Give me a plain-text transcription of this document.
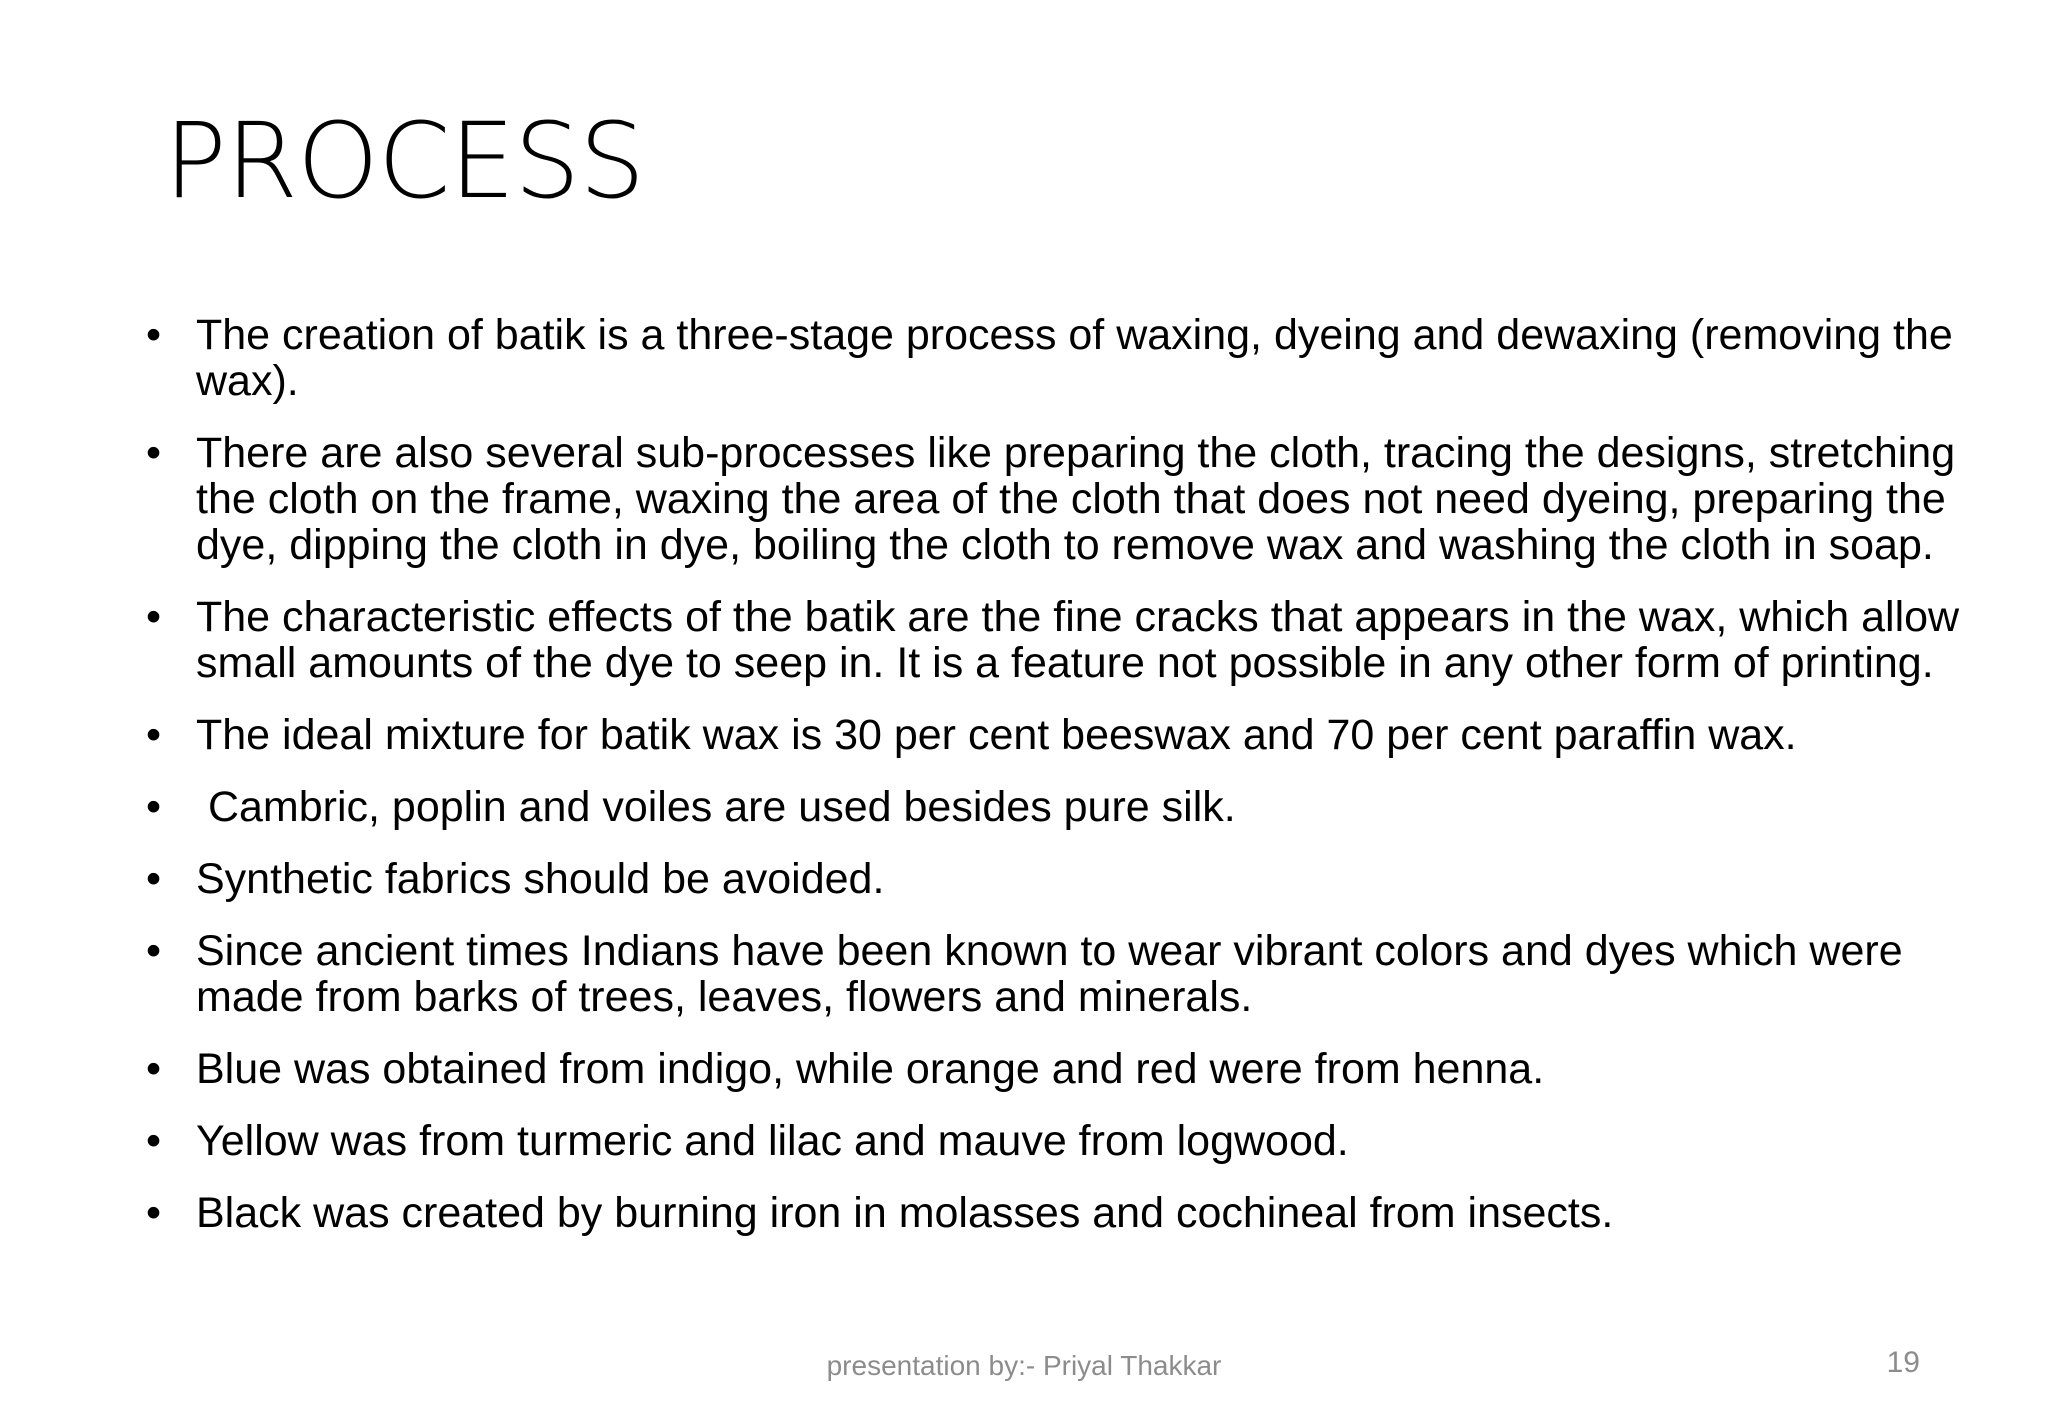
PROCESS
• The creation of batik is a three-stage process of waxing, dyeing and dewaxing (removing the wax).
• There are also several sub-processes like preparing the cloth, tracing the designs, stretching the cloth on the frame, waxing the area of the cloth that does not need dyeing, preparing the dye, dipping the cloth in dye, boiling the cloth to remove wax and washing the cloth in soap.
• The characteristic effects of the batik are the fine cracks that appears in the wax, which allow small amounts of the dye to seep in. It is a feature not possible in any other form of printing.
• The ideal mixture for batik wax is 30 per cent beeswax and 70 per cent paraffin wax.
• Cambric, poplin and voiles are used besides pure silk.
• Synthetic fabrics should be avoided.
• Since ancient times Indians have been known to wear vibrant colors and dyes which were made from barks of trees, leaves, flowers and minerals.
• Blue was obtained from indigo, while orange and red were from henna.
• Yellow was from turmeric and lilac and mauve from logwood.
• Black was created by burning iron in molasses and cochineal from insects.
presentation by:- Priyal Thakkar	19
